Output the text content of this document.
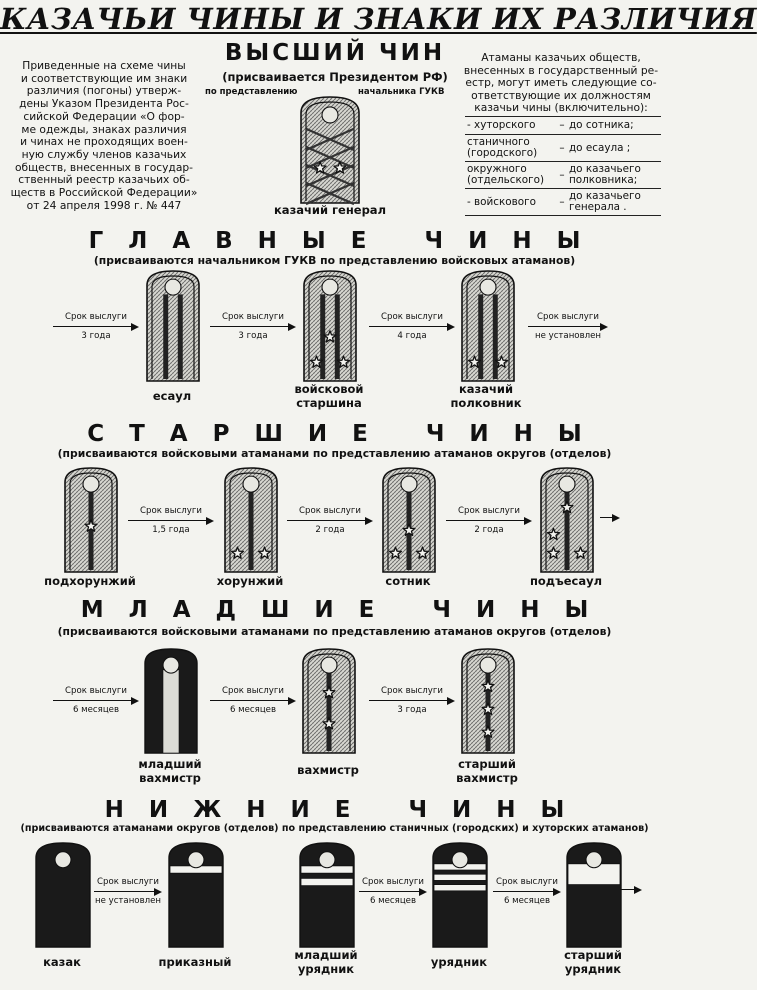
КАЗАЧЬИ ЧИНЫ И ЗНАКИ ИХ РАЗЛИЧИЯ
Приведенные на схеме чины
и соответствующие им знаки
различия (погоны) утверж-
дены Указом Президента Рос-
сийской Федерации «О фор-
ме одежды, знаках различия
и чинах не проходящих воен-
ную службу членов казачьих
обществ, внесенных в государ-
ственный реестр казачьих об-
ществ в Российской Федерации»
от 24 апреля 1998 г. № 447
Атаманы казачьих обществ,
внесенных в государственный ре-
естр, могут иметь следующие со-
ответствующие их должностям
казачьи чины (включительно):
- хуторского	– до сотника;
станичного
(городского)	– до есаула ;
окружного
(отдельского)	– до казачьего
полковника;
- войскового	– до казачьего
генерала .
ВЫСШИЙ ЧИН
(присваивается Президентом РФ)
по представлению	начальника ГУКВ
казачий генерал
ГЛАВНЫЕ ЧИНЫ
(присваиваются начальником ГУКВ по представлению войсковых атаманов)
СТАРШИЕ ЧИНЫ
(присваиваются войсковыми атаманами по представлению атаманов округов (отделов)
МЛАДШИЕ ЧИНЫ
(присваиваются войсковыми атаманами по представлению атаманов округов (отделов)
НИЖНИЕ ЧИНЫ
(присваиваются атаманами округов (отделов) по представлению станичных (городских) и хуторских атаманов)
есаул	войсковой
старшина
казачий
полковник
Срок выслуги
3 года
Срок выслуги
3 года
Срок выслуги
4 года
Срок выслуги
не установлен
подхорунжий	хорунжий	сотник	подъесаул
Срок выслуги
1,5 года
Срок выслуги
2 года
Срок выслуги
2 года
младший
вахмистр
вахмистр	старший
вахмистр
Срок выслуги
6 месяцев
Срок выслуги
6 месяцев
Срок выслуги
3 года
казак	приказный	младший
урядник	урядник	старший
урядник
Срок выслуги
не установлен
Срок выслуги
6 месяцев
Срок выслуги
6 месяцев
